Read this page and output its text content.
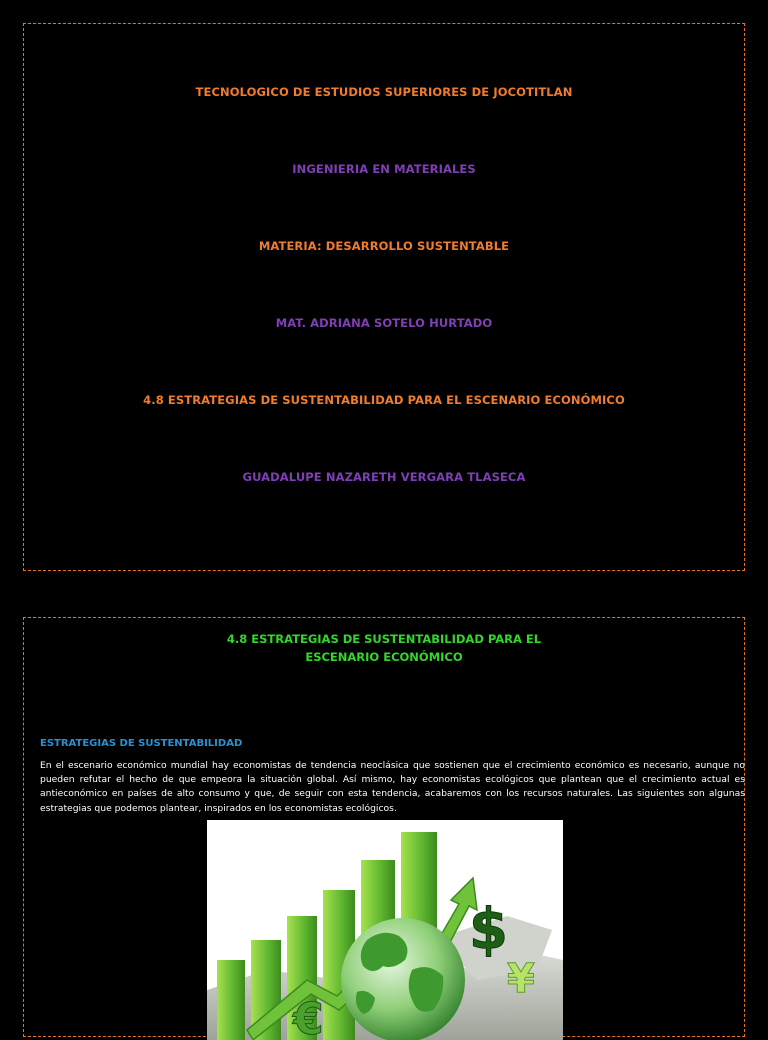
TECNOLOGICO DE ESTUDIOS SUPERIORES DE JOCOTITLAN
INGENIERIA EN MATERIALES
MATERIA: DESARROLLO SUSTENTABLE
MAT. ADRIANA SOTELO HURTADO
4.8 ESTRATEGIAS DE SUSTENTABILIDAD PARA EL ESCENARIO ECONÓMICO
GUADALUPE NAZARETH VERGARA TLASECA
4.8 ESTRATEGIAS DE SUSTENTABILIDAD PARA EL
ESCENARIO ECONÓMICO
ESTRATEGIAS DE SUSTENTABILIDAD

En el escenario económico mundial hay economistas de tendencia neoclásica que sostienen que el crecimiento económico es necesario, aunque no pueden refutar el hecho de que empeora la situación global. Así mismo, hay economistas ecológicos que plantean que el crecimiento actual es antieconómico en países de alto consumo y que, de seguir con esta tendencia, acabaremos con los recursos naturales. Las siguientes son algunas estrategias que podemos plantear, inspirados en los economistas ecológicos.

$
€
¥
